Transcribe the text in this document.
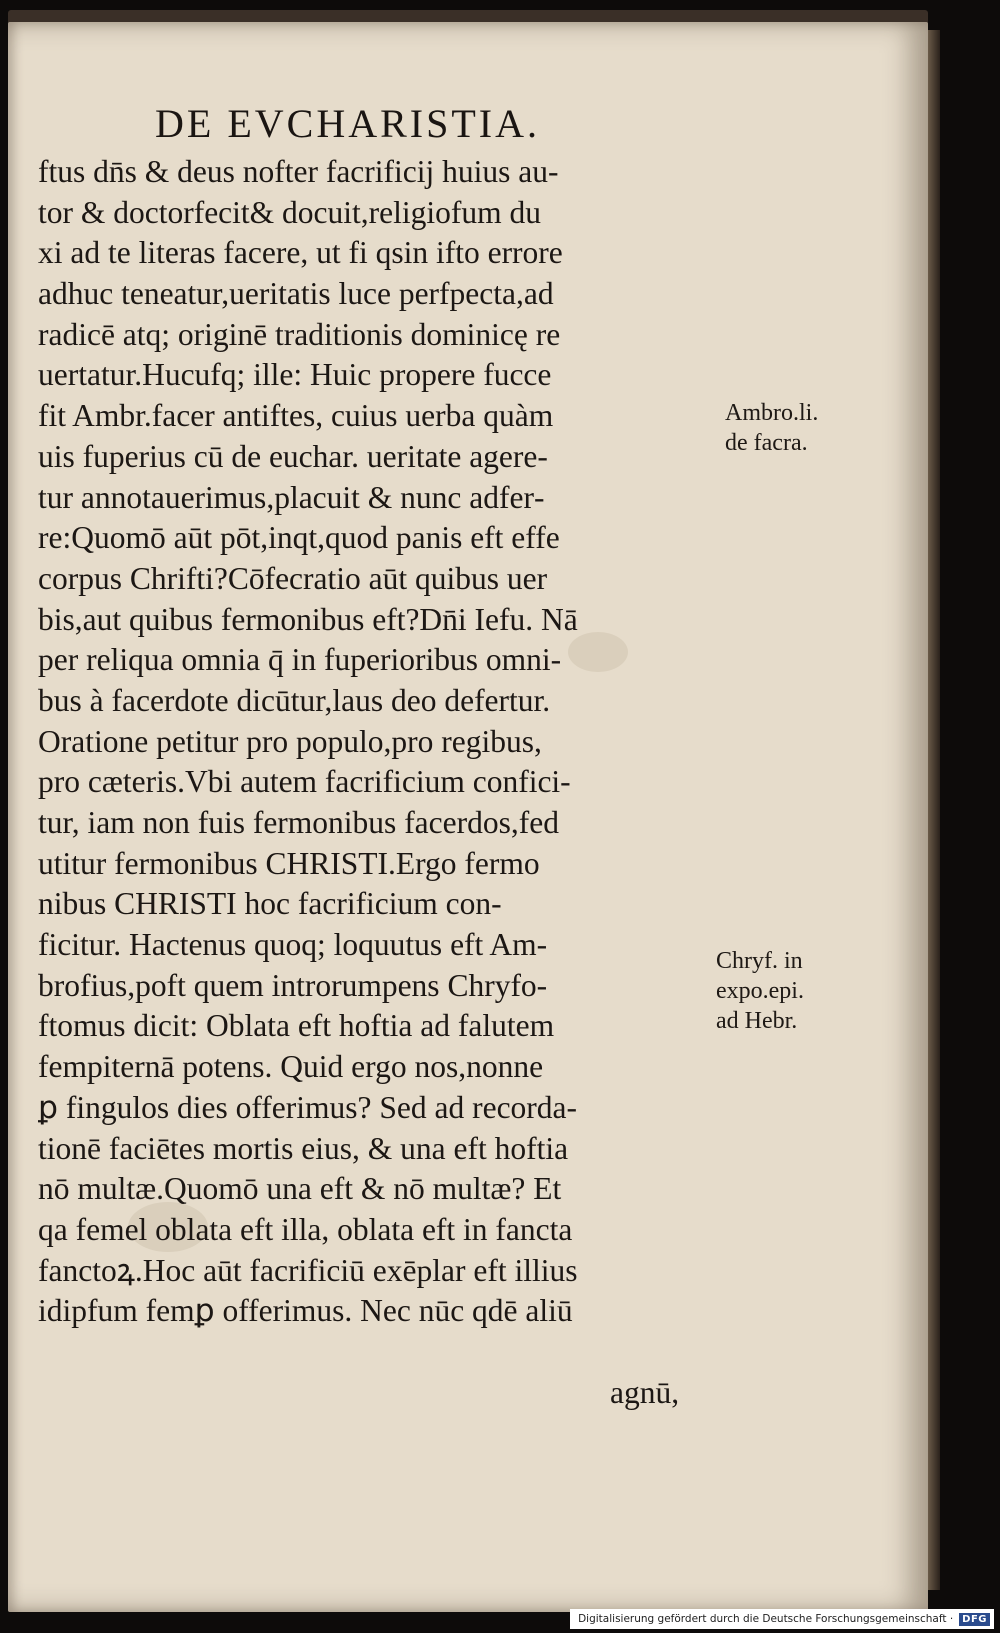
DE EVCHARISTIA.
ftus dn̄s & deus nofter facrificij huius au‑
tor & doctorfecit& docuit,religiofum du
xi ad te literas facere, ut fi qsin ifto errore
adhuc teneatur,ueritatis luce perfpecta,ad
radicē atq; originē traditionis dominicę re
uertatur.Hucufq; ille: Huic propere fucce
fit Ambr.facer antiftes, cuius uerba quàm
uis fuperius cū de euchar. ueritate agere‑
tur annotauerimus,placuit & nunc adfer‑
re:Quomō aūt pōt,inqt,quod panis eft effe
corpus Chrifti?Cōfecratio aūt quibus uer
bis,aut quibus fermonibus eft?Dn̄i Iefu. Nā
per reliqua omnia q̄ in fuperioribus omni‑
bus à facerdote dicūtur,laus deo defertur.
Oratione petitur pro populo,pro regibus,
pro cæteris.Vbi autem facrificium confici‑
tur, iam non fuis fermonibus facerdos,fed
utitur fermonibus CHRISTI.Ergo fermo
nibus CHRISTI hoc facrificium con‑
ficitur. Hactenus quoq; loquutus eft Am‑
brofius,poft quem introrumpens Chryfo‑
ftomus dicit: Oblata eft hoftia ad falutem
fempiternā potens. Quid ergo nos,nonne
ꝑ fingulos dies offerimus? Sed ad recorda‑
tionē faciētes mortis eius, & una eft hoftia
nō multæ.Quomō una eft & nō multæ? Et
qa femel oblata eft illa, oblata eft in fancta
fanctoꝝ.Hoc aūt facrificiū exēplar eft illius
idipfum femꝑ offerimus. Nec nūc qdē aliū
agnū,
Ambro.li.
de facra.
Chryf. in
expo.epi.
ad Hebr.
Digitalisierung gefördert durch die Deutsche Forschungsgemeinschaft · DFG
